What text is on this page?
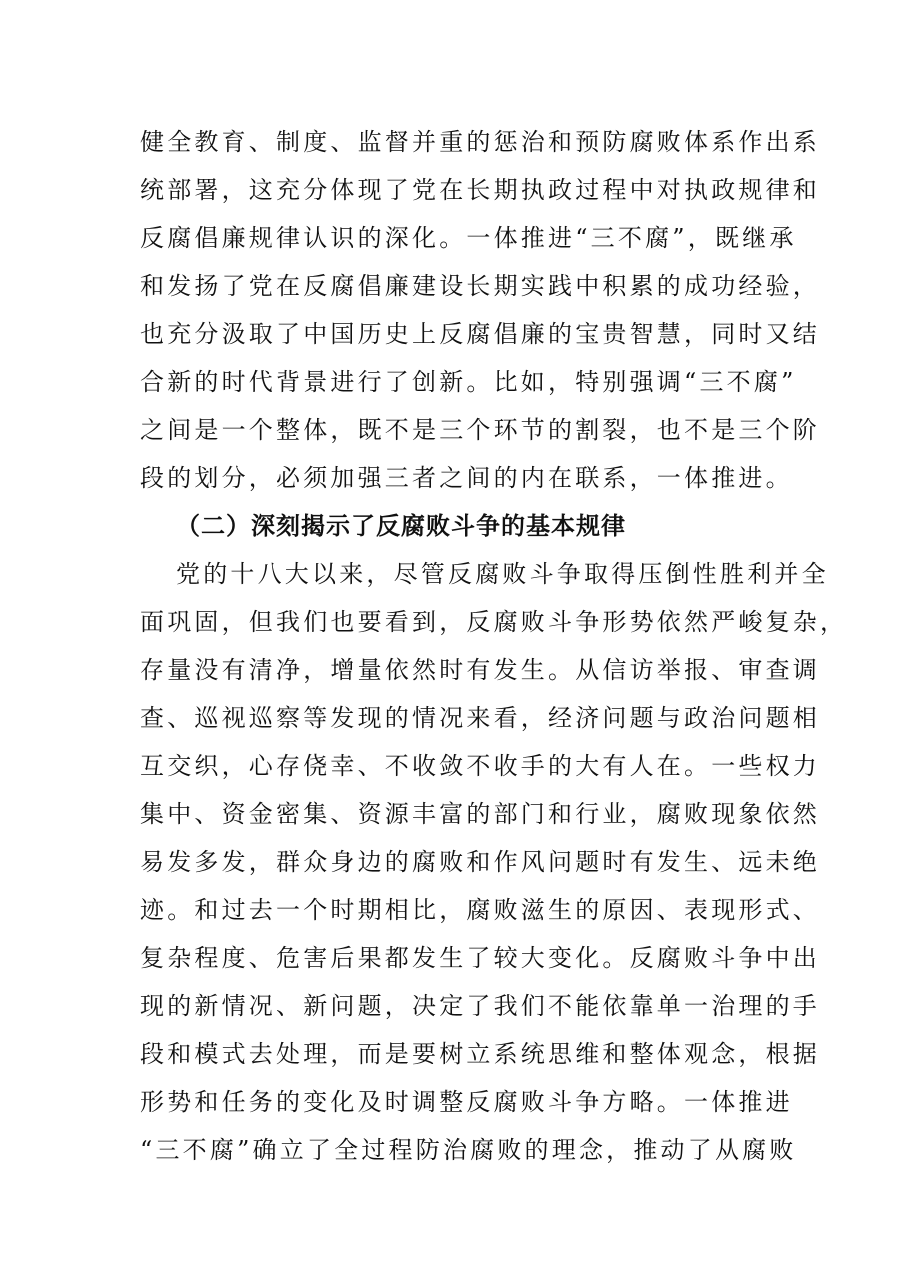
健全教育、制度、监督并重的惩治和预防腐败体系作出系
统部署，这充分体现了党在长期执政过程中对执政规律和
反腐倡廉规律认识的深化。一体推进“三不腐”，既继承
和发扬了党在反腐倡廉建设长期实践中积累的成功经验，
也充分汲取了中国历史上反腐倡廉的宝贵智慧，同时又结
合新的时代背景进行了创新。比如，特别强调“三不腐”
之间是一个整体，既不是三个环节的割裂，也不是三个阶
段的划分，必须加强三者之间的内在联系，一体推进。
（二）深刻揭示了反腐败斗争的基本规律
党的十八大以来，尽管反腐败斗争取得压倒性胜利并全
面巩固，但我们也要看到，反腐败斗争形势依然严峻复杂，
存量没有清净，增量依然时有发生。从信访举报、审查调
查、巡视巡察等发现的情况来看，经济问题与政治问题相
互交织，心存侥幸、不收敛不收手的大有人在。一些权力
集中、资金密集、资源丰富的部门和行业，腐败现象依然
易发多发，群众身边的腐败和作风问题时有发生、远未绝
迹。和过去一个时期相比，腐败滋生的原因、表现形式、
复杂程度、危害后果都发生了较大变化。反腐败斗争中出
现的新情况、新问题，决定了我们不能依靠单一治理的手
段和模式去处理，而是要树立系统思维和整体观念，根据
形势和任务的变化及时调整反腐败斗争方略。一体推进
“三不腐”确立了全过程防治腐败的理念，推动了从腐败
